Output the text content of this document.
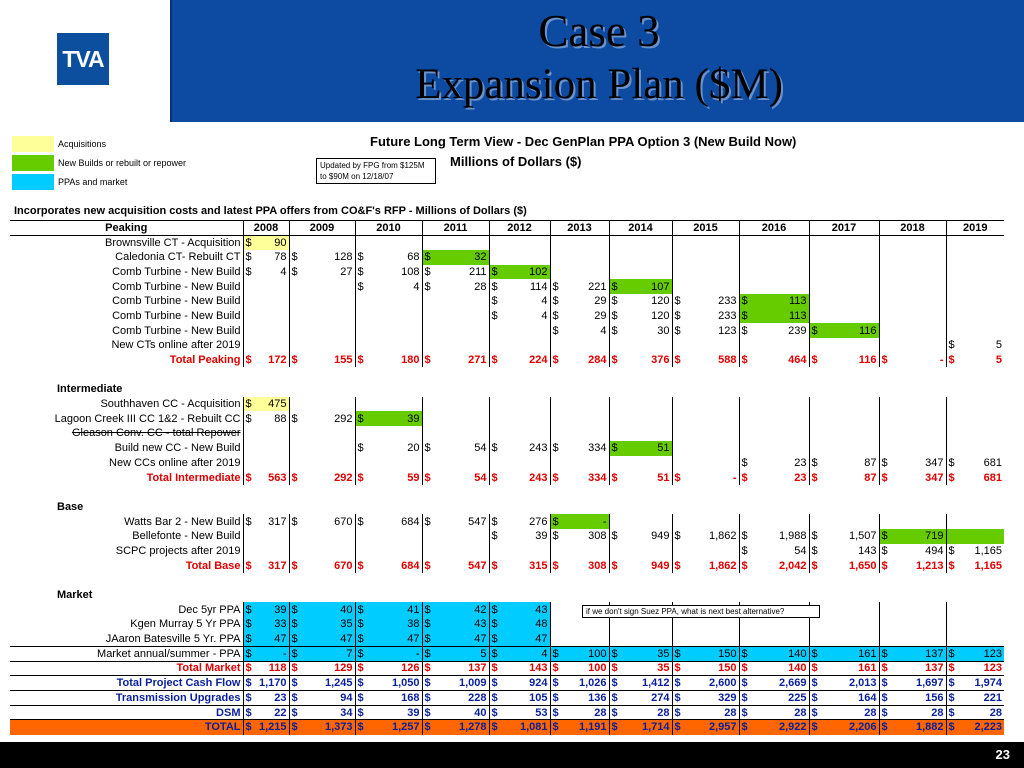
TVA
Case 3
Expansion Plan ($M)
Acquisitions
New Builds or rebuilt or repower
PPAs and market
Future Long Term View - Dec GenPlan PPA Option 3 (New Build Now)
Millions of Dollars ($)
Updated by FPG from $125M to $90M on 12/18/07
if we don't sign Suez PPA, what is next best alternative?
Incorporates new acquisition costs and latest PPA offers from CO&F's RFP - Millions of Dollars ($)
Peaking	2008		2009		2010		2011		2012		2013		2014		2015		2016		2017		2018		2019	
Brownsville CT - Acquisition	$	90																						
Caledonia CT- Rebuilt CT	$	78	$	128	$	68	$	32																
Comb Turbine - New Build	$	4	$	27	$	108	$	211	$	102														
Comb Turbine - New Build					$	4	$	28	$	114	$	221	$	107										
Comb Turbine - New Build									$	4	$	29	$	120	$	233	$	113						
Comb Turbine - New Build									$	4	$	29	$	120	$	233	$	113						
Comb Turbine - New Build											$	4	$	30	$	123	$	239	$	116				
New CTs online after 2019																							$	5
Total Peaking	$	172	$	155	$	180	$	271	$	224	$	284	$	376	$	588	$	464	$	116	$	-	$	5

Intermediate																								
Southhaven CC - Acquisition	$	475																						
Lagoon Creek III CC 1&2 - Rebuilt CC	$	88	$	292	$	39																		
Gleason Conv. CC - total Repower																								
Build new CC - New Build					$	20	$	54	$	243	$	334	$	51										
New CCs online after 2019																	$	23	$	87	$	347	$	681
Total Intermediate	$	563	$	292	$	59	$	54	$	243	$	334	$	51	$	-	$	23	$	87	$	347	$	681

Base																								
Watts Bar 2 - New Build	$	317	$	670	$	684	$	547	$	276	$	-												
Bellefonte - New Build									$	39	$	308	$	949	$	1,862	$	1,988	$	1,507	$	719		
SCPC projects after 2019																	$	54	$	143	$	494	$	1,165
Total Base	$	317	$	670	$	684	$	547	$	315	$	308	$	949	$	1,862	$	2,042	$	1,650	$	1,213	$	1,165

Market																								
Dec 5yr PPA	$	39	$	40	$	41	$	42	$	43														
Kgen Murray 5 Yr PPA	$	33	$	35	$	38	$	43	$	48														
JAaron Batesville 5 Yr. PPA	$	47	$	47	$	47	$	47	$	47														
Market annual/summer - PPA	$	-	$	7	$	-	$	5	$	4	$	100	$	35	$	150	$	140	$	161	$	137	$	123
Total Market	$	118	$	129	$	126	$	137	$	143	$	100	$	35	$	150	$	140	$	161	$	137	$	123
Total Project Cash Flow	$	1,170	$	1,245	$	1,050	$	1,009	$	924	$	1,026	$	1,412	$	2,600	$	2,669	$	2,013	$	1,697	$	1,974
Transmission Upgrades	$	23	$	94	$	168	$	228	$	105	$	136	$	274	$	329	$	225	$	164	$	156	$	221
DSM	$	22	$	34	$	39	$	40	$	53	$	28	$	28	$	28	$	28	$	28	$	28	$	28
TOTAL	$	1,215	$	1,373	$	1,257	$	1,278	$	1,081	$	1,191	$	1,714	$	2,957	$	2,922	$	2,206	$	1,882	$	2,223
23
